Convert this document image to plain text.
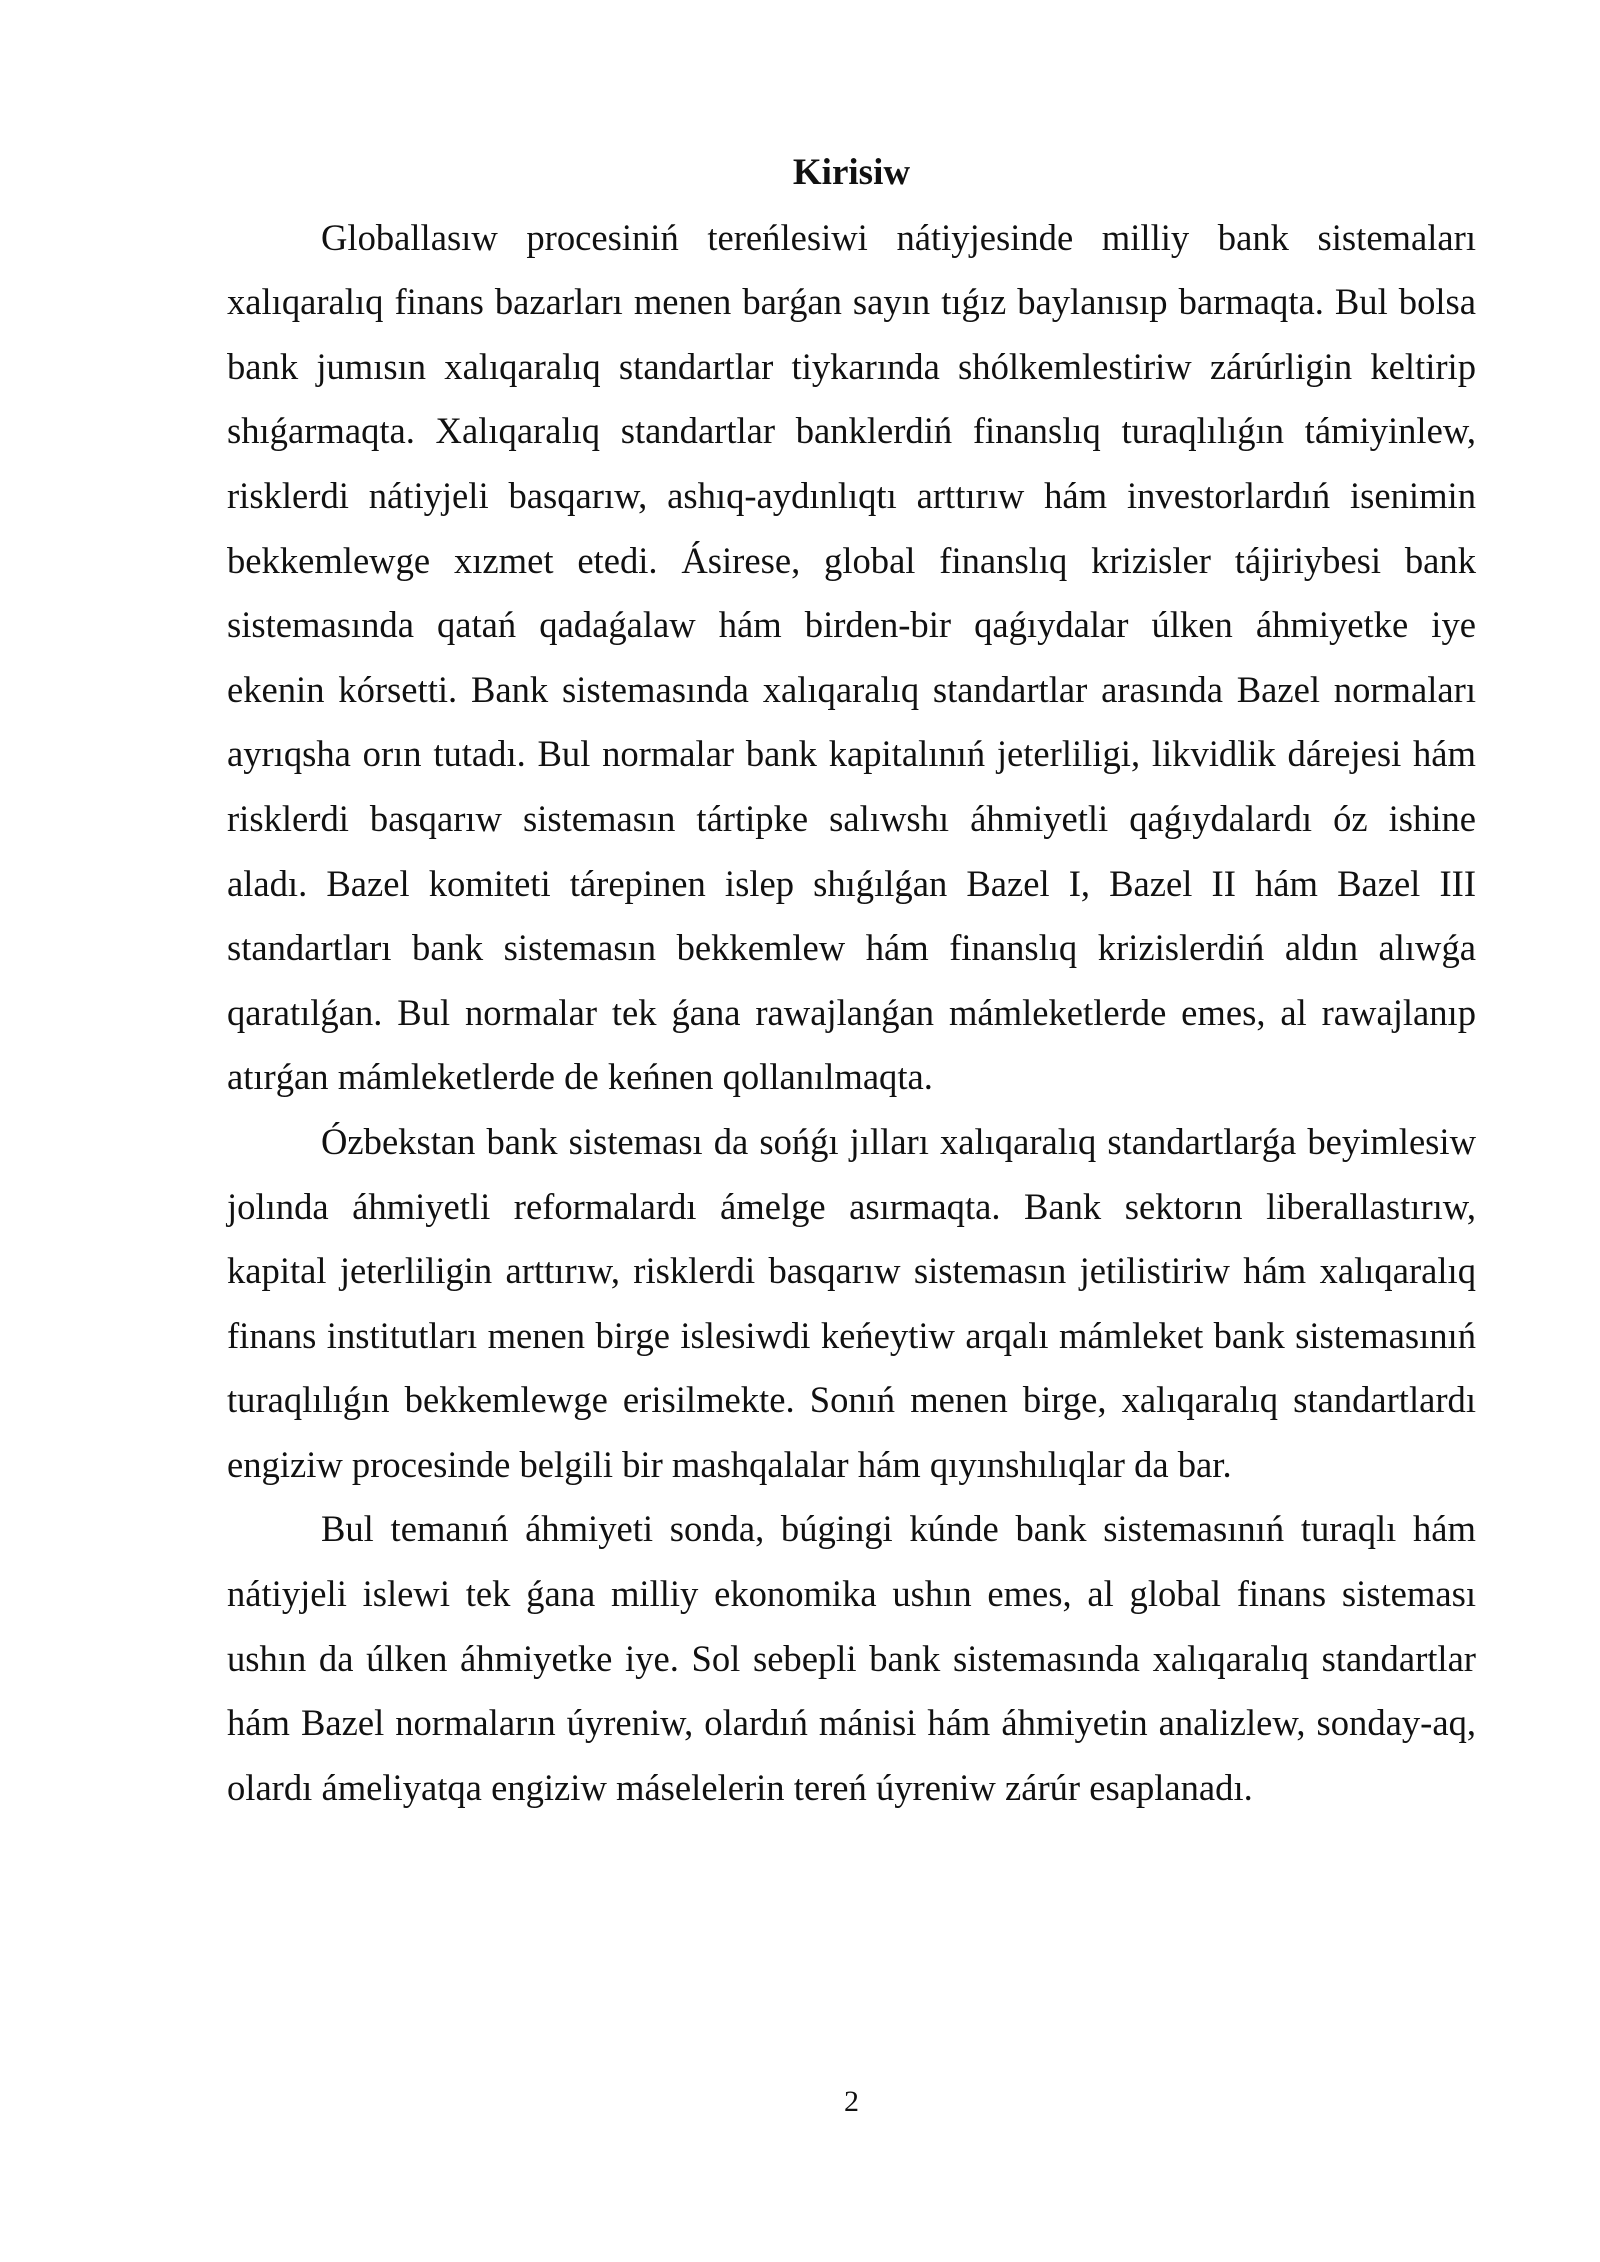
Kirisiw
Globallasıw procesiniń tereńlesiwi nátiyjesinde milliy bank sistemaları
xalıqaralıq finans bazarları menen barǵan sayın tıǵız baylanısıp barmaqta. Bul bolsa
bank jumısın xalıqaralıq standartlar tiykarında shólkemlestiriw zárúrligin keltirip
shıǵarmaqta. Xalıqaralıq standartlar banklerdiń finanslıq turaqlılıǵın támiyinlew,
risklerdi nátiyjeli basqarıw, ashıq-aydınlıqtı arttırıw hám investorlardıń isenimin
bekkemlewge xızmet etedi. Ásirese, global finanslıq krizisler tájiriybesi bank
sistemasında qatań qadaǵalaw hám birden-bir qaǵıydalar úlken áhmiyetke iye
ekenin kórsetti. Bank sistemasında xalıqaralıq standartlar arasında Bazel normaları
ayrıqsha orın tutadı. Bul normalar bank kapitalınıń jeterliligi, likvidlik dárejesi hám
risklerdi basqarıw sistemasın tártipke salıwshı áhmiyetli qaǵıydalardı óz ishine
aladı. Bazel komiteti tárepinen islep shıǵılǵan Bazel I, Bazel II hám Bazel III
standartları bank sistemasın bekkemlew hám finanslıq krizislerdiń aldın alıwǵa
qaratılǵan. Bul normalar tek ǵana rawajlanǵan mámleketlerde emes, al rawajlanıp
atırǵan mámleketlerde de keńnen qollanılmaqta.
Ózbekstan bank sisteması da sońǵı jılları xalıqaralıq standartlarǵa beyimlesiw
jolında áhmiyetli reformalardı ámelge asırmaqta. Bank sektorın liberallastırıw,
kapital jeterliligin arttırıw, risklerdi basqarıw sistemasın jetilistiriw hám xalıqaralıq
finans institutları menen birge islesiwdi keńeytiw arqalı mámleket bank sistemasınıń
turaqlılıǵın bekkemlewge erisilmekte. Sonıń menen birge, xalıqaralıq standartlardı
engiziw procesinde belgili bir mashqalalar hám qıyınshılıqlar da bar.
Bul temanıń áhmiyeti sonda, búgingi kúnde bank sistemasınıń turaqlı hám
nátiyjeli islewi tek ǵana milliy ekonomika ushın emes, al global finans sisteması
ushın da úlken áhmiyetke iye. Sol sebepli bank sistemasında xalıqaralıq standartlar
hám Bazel normaların úyreniw, olardıń mánisi hám áhmiyetin analizlew, sonday-aq,
olardı ámeliyatqa engiziw máselelerin tereń úyreniw zárúr esaplanadı.
2
